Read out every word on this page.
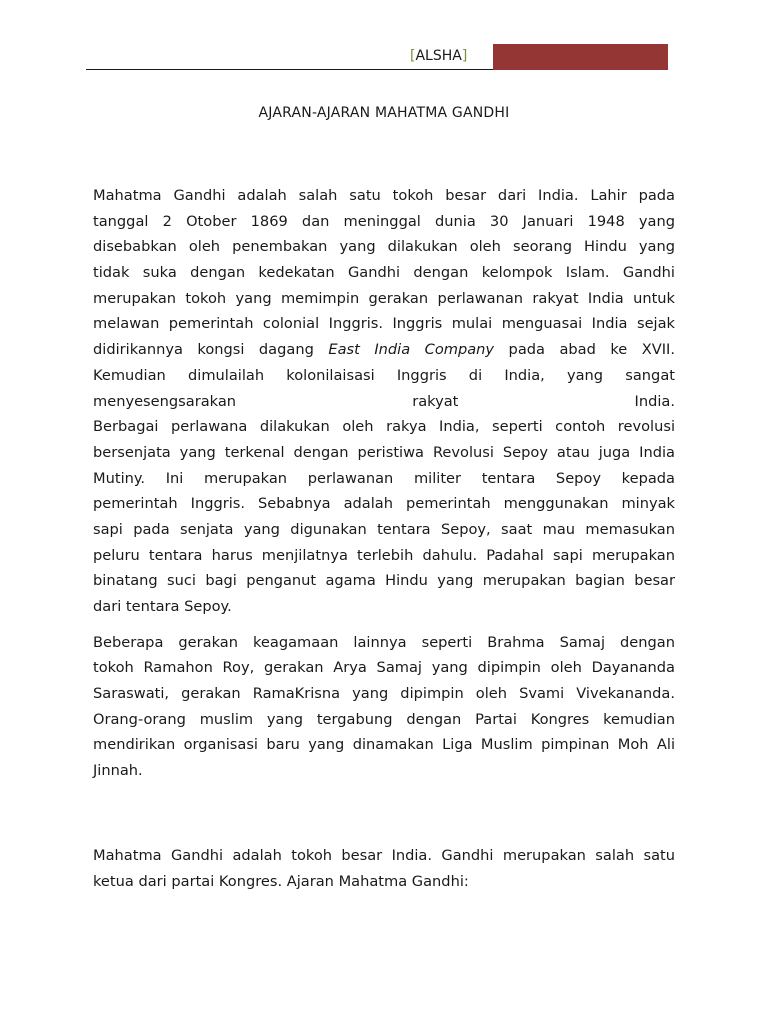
[ALSHA]
AJARAN-AJARAN MAHATMA GANDHI
Mahatma Gandhi adalah salah satu tokoh besar dari India. Lahir pada
tanggal 2 Otober 1869 dan meninggal dunia 30 Januari 1948 yang
disebabkan oleh penembakan yang dilakukan oleh seorang Hindu yang
tidak suka dengan kedekatan Gandhi dengan kelompok Islam. Gandhi
merupakan tokoh yang memimpin gerakan perlawanan rakyat India untuk
melawan pemerintah colonial Inggris. Inggris mulai menguasai India sejak
didirikannya kongsi dagang East India Company pada abad ke XVII.
Kemudian dimulailah kolonilaisasi Inggris di India, yang sangat
menyesengsarakan rakyat India.
Berbagai perlawana dilakukan oleh rakya India, seperti contoh revolusi
bersenjata yang terkenal dengan peristiwa Revolusi Sepoy atau juga India
Mutiny. Ini merupakan perlawanan militer tentara Sepoy kepada
pemerintah Inggris. Sebabnya adalah pemerintah menggunakan minyak
sapi pada senjata yang digunakan tentara Sepoy, saat mau memasukan
peluru tentara harus menjilatnya terlebih dahulu. Padahal sapi merupakan
binatang suci bagi penganut agama Hindu yang merupakan bagian besar
dari tentara Sepoy.
Beberapa gerakan keagamaan lainnya seperti Brahma Samaj dengan
tokoh Ramahon Roy, gerakan Arya Samaj yang dipimpin oleh Dayananda
Saraswati, gerakan RamaKrisna yang dipimpin oleh Svami Vivekananda.
Orang-orang muslim yang tergabung dengan Partai Kongres kemudian
mendirikan organisasi baru yang dinamakan Liga Muslim pimpinan Moh Ali
Jinnah.
Mahatma Gandhi adalah tokoh besar India. Gandhi merupakan salah satu
ketua dari partai Kongres. Ajaran Mahatma Gandhi:
